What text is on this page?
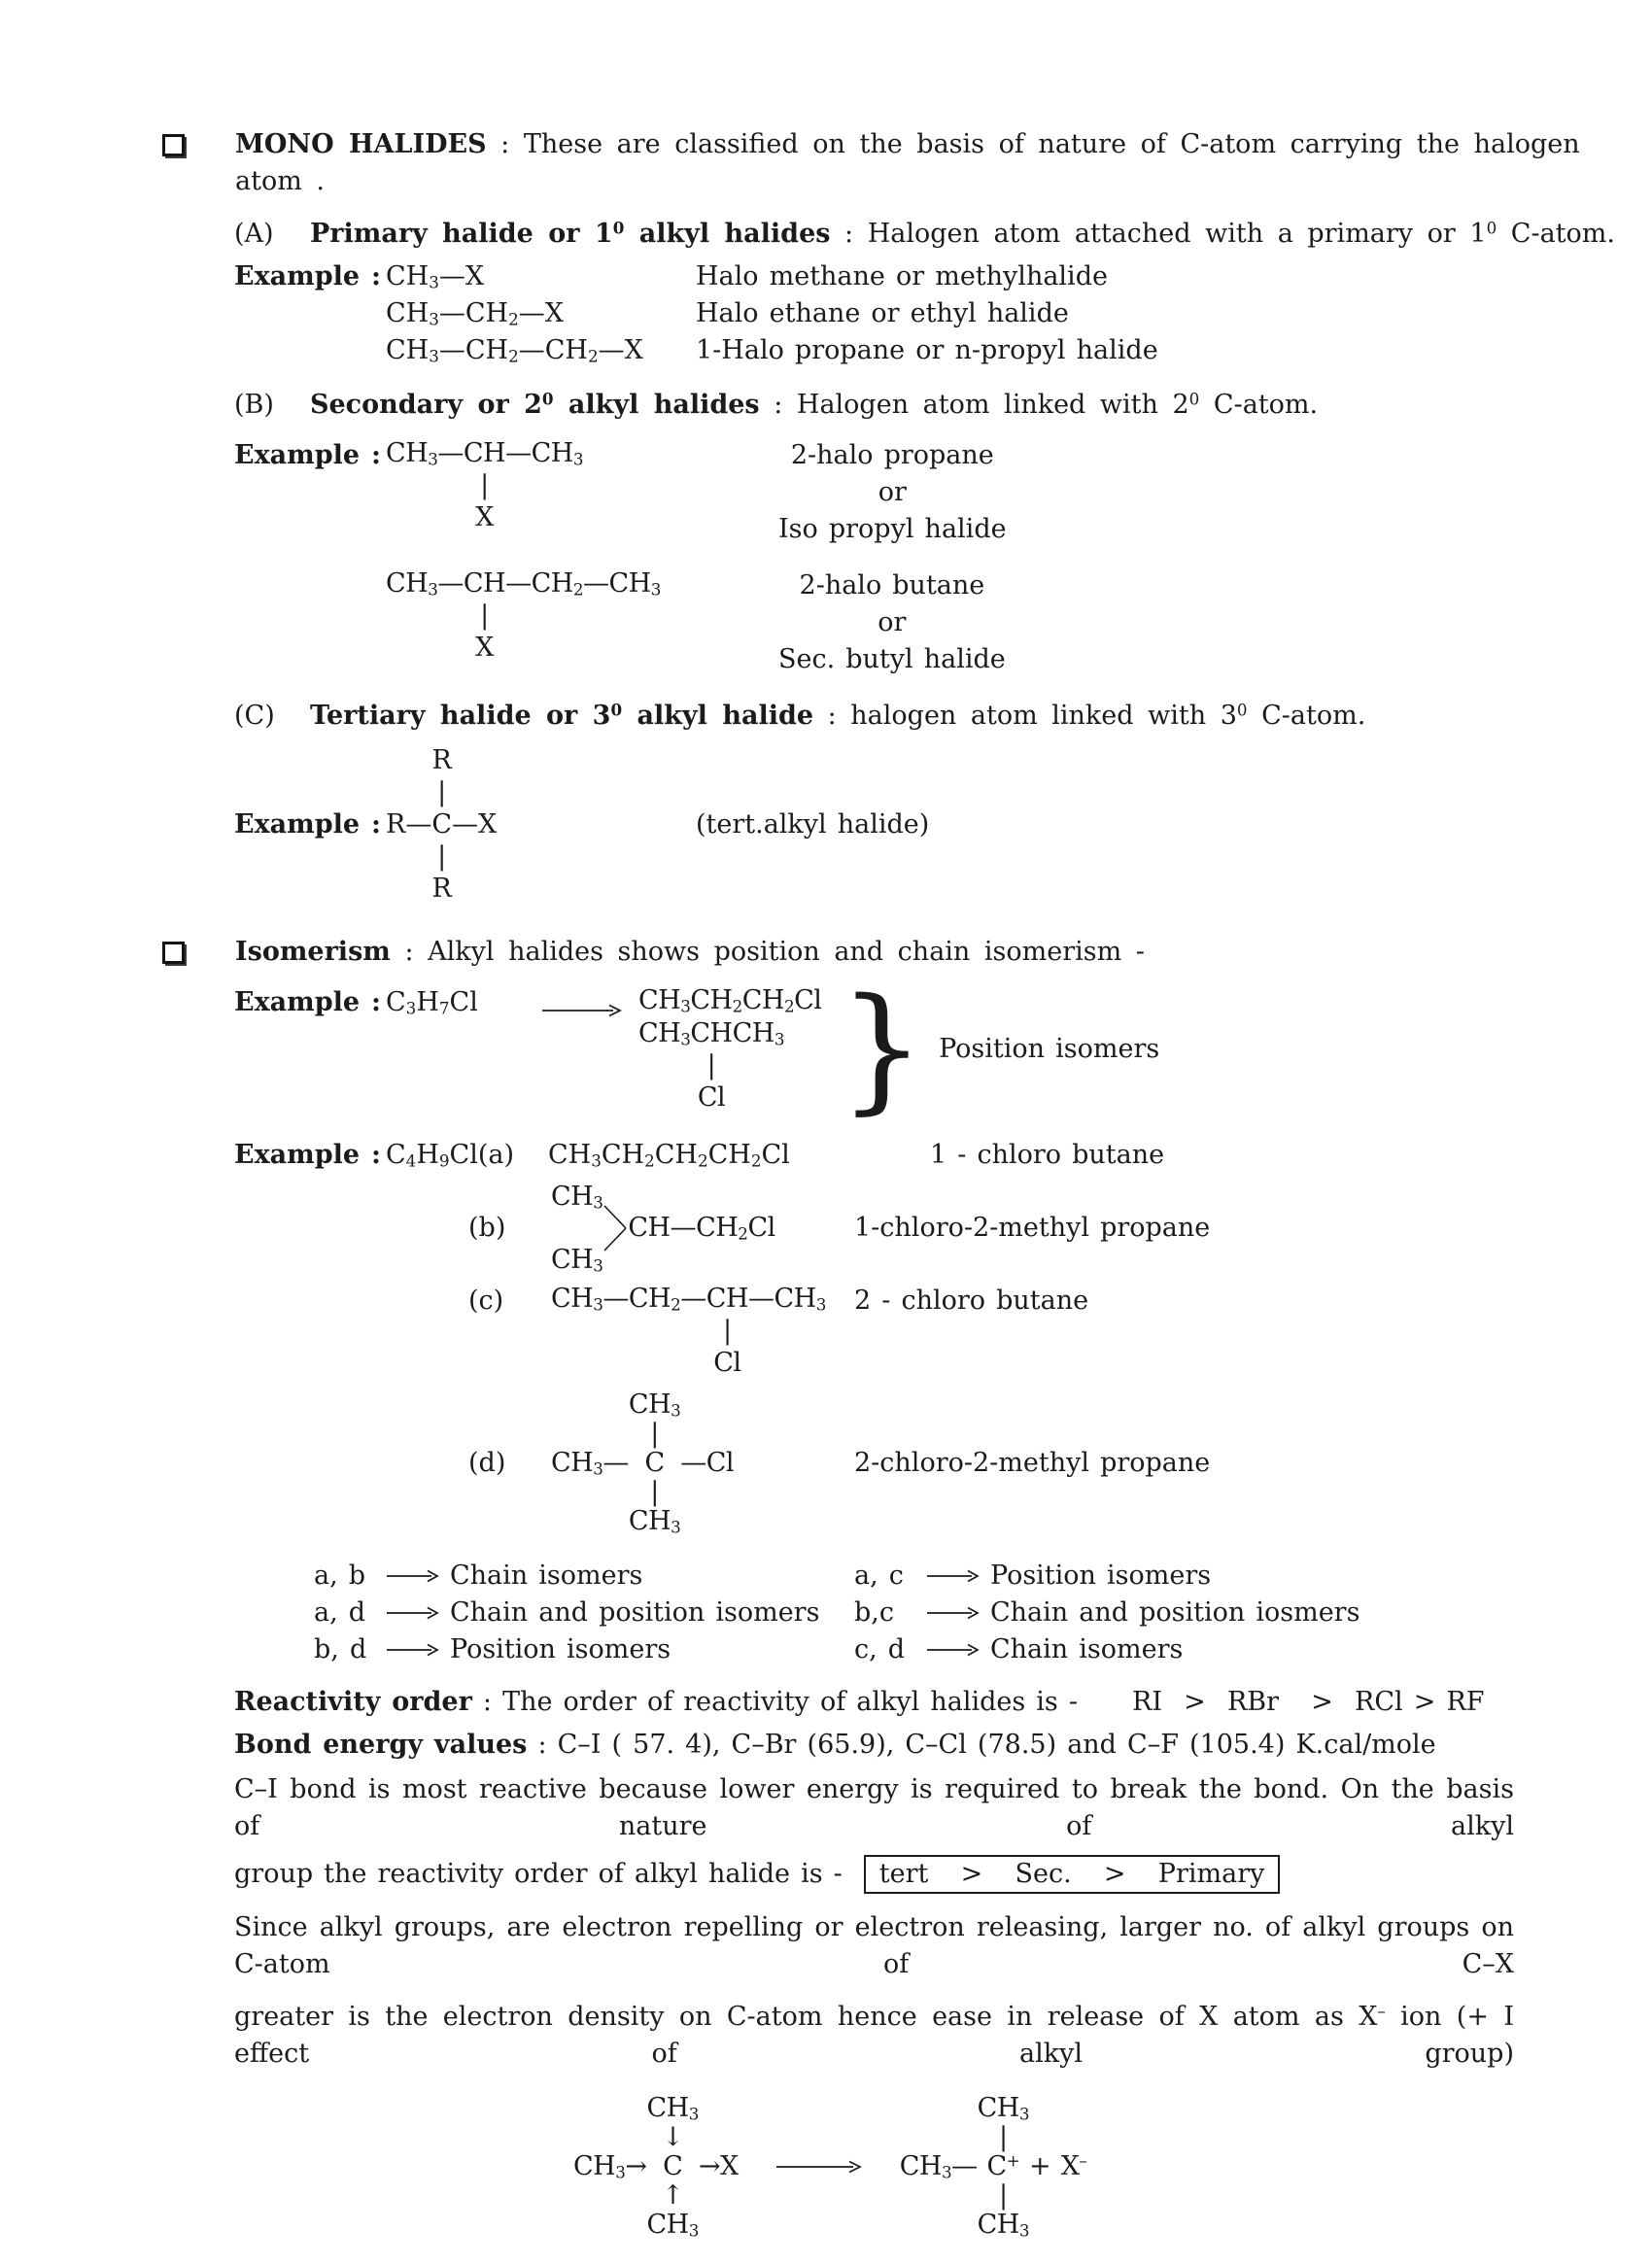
MONO HALIDES : These are classified on the basis of nature of C-atom carrying the halogen atom .

(A)	Primary halide or $1^0$ alkyl halides : Halogen atom attached with a primary or $1^0$ C-atom.

Example : $CH_3—X$	Halo methane or methylhalide
$CH_3—CH_2—X$	Halo ethane or ethyl halide
$CH_3—CH_2—CH_2—X$	1-Halo propane or n-propyl halide
(B)	Secondary or $2^0$ alkyl halides : Halogen atom linked with $2^0$ C-atom.

Example : $CH_3—$ CH $—CH_3$
|
X
2-halo propane
or
Iso propyl halide
$CH_3—$ CH $—CH_2—CH_3$
|
X
2-halo butane
or
Sec. butyl halide
(C)	Tertiary halide or $3^0$ alkyl halide : halogen atom linked with $3^0$ C-atom.

Example :
R
|
R— C —X
|
R
(tert.alkyl halide)

Isomerism : Alkyl halides shows position and chain isomerism -

Example : $C_3H_7Cl$	$CH_3CH_2CH_2Cl$
$CH_3$ CH $CH_3$
|
Cl } Position isomers
Example : $C_4H_9Cl(a)$	$CH_3CH_2CH_2CH_2Cl$	1 - chloro butane
(b)
$CH_3$
$CH_3$
$CH—CH_2Cl$	1-chloro-2-methyl propane
(c)	$CH_3—CH_2—$ CH $—CH_3$
|
Cl
2 - chloro butane
(d)
$CH_3$
|
$CH_3—$ C —Cl
|
$CH_3$
2-chloro-2-methyl propane
a, b	Chain isomers	a, c	Position isomers
a, d	Chain and position isomers b,c	Chain and position iosmers
b, d	Position isomers	c, d	Chain isomers

Reactivity order : The order of reactivity of alkyl halides is - RI  >  RBr   >  RCl > RF

Bond energy values : C–I ( 57. 4), C–Br (65.9), C–Cl (78.5) and C–F (105.4) K.cal/mole

C–I bond is most reactive because lower energy is required to break the bond. On the basis of nature of alkyl

group the reactivity order of alkyl halide is -	tert   >   Sec.   >   Primary

Since alkyl groups, are electron repelling or electron releasing, larger no. of alkyl groups on C-atom of C–X

greater is the electron density on C-atom hence ease in release of X atom as X– ion (+ I effect of alkyl group)

$CH_3$
↓
$CH_3\to C \to X$
↑
$CH_3$
$CH_3$
|
$CH_3—$ C+ + X–
|
$CH_3$
